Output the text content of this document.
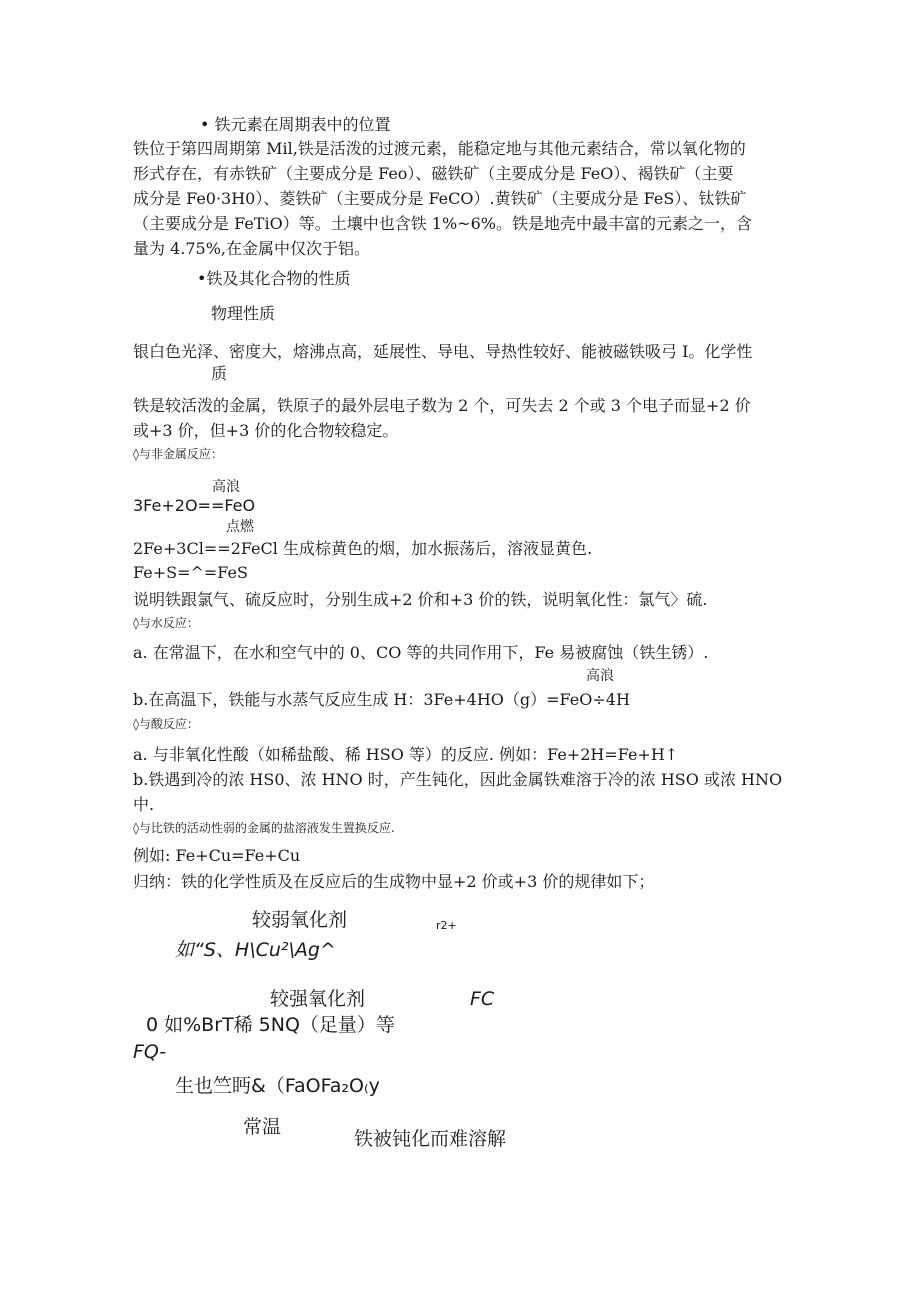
• 铁元素在周期表中的位置
铁位于第四周期第 Mil,铁是活泼的过渡元素，能稳定地与其他元素结合，常以氧化物的
形式存在，有赤铁矿（主要成分是 Feo）、磁铁矿（主要成分是 FeO）、褐铁矿（主要
成分是 Fe0·3H0）、菱铁矿（主要成分是 FeCO）.黄铁矿（主要成分是 FeS）、钛铁矿
（主要成分是 FeTiO）等。土壤中也含铁 1%~6%。铁是地壳中最丰富的元素之一，含
量为 4.75%,在金属中仅次于铝。
•铁及其化合物的性质
物理性质
银白色光泽、密度大，熔沸点高，延展性、导电、导热性较好、能被磁铁吸弓 I。化学性
质
铁是较活泼的金属，铁原子的最外层电子数为 2 个，可失去 2 个或 3 个电子而显+2 价
或+3 价，但+3 价的化合物较稳定。
◊与非金属反应：
高浪
3Fe+2O==FeO
点燃
2Fe+3Cl==2FeCl 生成棕黄色的烟，加水振荡后，溶液显黄色.
Fe+S=^=FeS
说明铁跟氯气、硫反应时，分别生成+2 价和+3 价的铁，说明氧化性：氯气〉硫.
◊与水反应：
a. 在常温下，在水和空气中的 0、CO 等的共同作用下，Fe 易被腐蚀（铁生锈）.
高浪
b.在高温下，铁能与水蒸气反应生成 H：3Fe+4HO（g）=FeO÷4H
◊与酸反应：
a. 与非氧化性酸（如稀盐酸、稀 HSO 等）的反应. 例如：Fe+2H=Fe+H↑
b.铁遇到冷的浓 HS0、浓 HNO 时，产生钝化，因此金属铁难溶于冷的浓 HSO 或浓 HNO
中.
◊与比铁的活动性弱的金属的盐溶液发生置换反应.
例如: Fe+Cu=Fe+Cu
归纳：铁的化学性质及在反应后的生成物中显+2 价或+3 价的规律如下；
较弱氧化剂	r2+
如“S、H\Cu²\Ag^
较强氧化剂	FC
0 如%BrT稀 5NQ（足量）等
FQ-
生也竺眄&（FaOFa₂O₍y
常温
铁被钝化而难溶解
